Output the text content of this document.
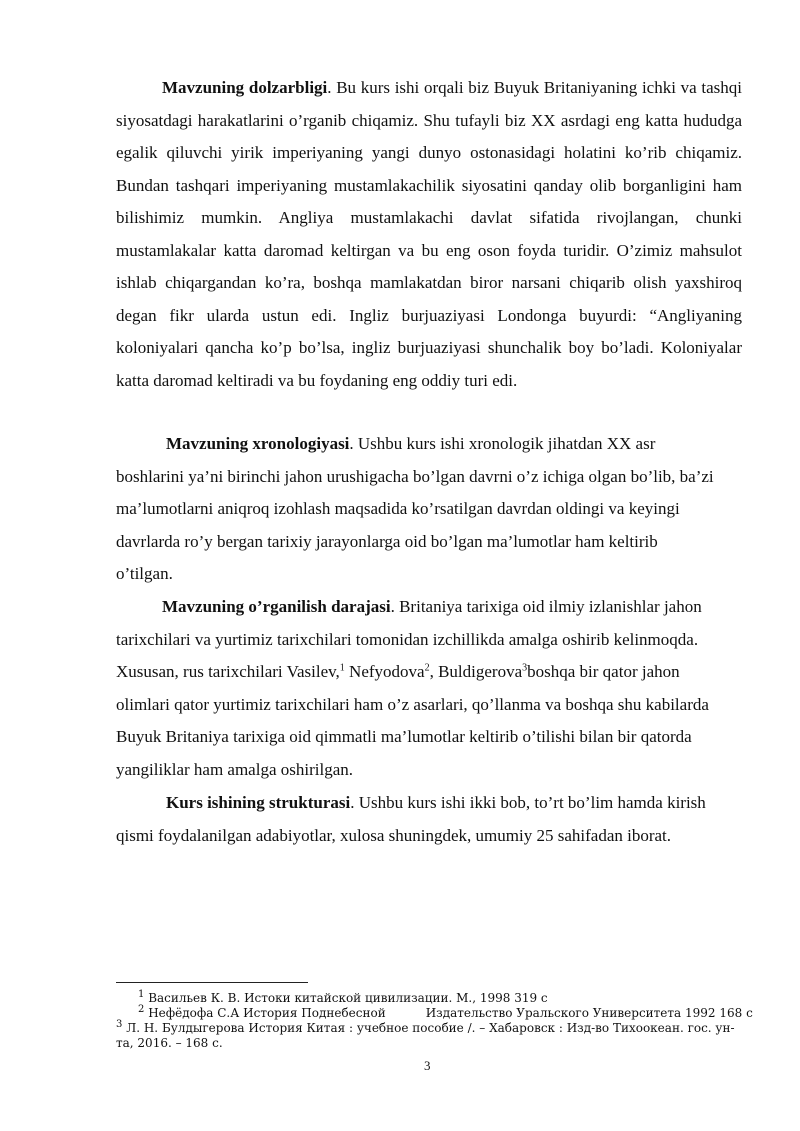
Mavzuning dolzarbligi. Bu kurs ishi orqali biz Buyuk Britaniyaning ichki va tashqi siyosatdagi harakatlarini o’rganib chiqamiz. Shu tufayli biz XX asrdagi eng katta hududga egalik qiluvchi yirik imperiyaning yangi dunyo ostonasidagi holatini ko’rib chiqamiz. Bundan tashqari imperiyaning mustamlakachilik siyosatini qanday olib borganligini ham bilishimiz mumkin. Angliya mustamlakachi davlat sifatida rivojlangan, chunki mustamlakalar katta daromad keltirgan va bu eng oson foyda turidir. O’zimiz mahsulot ishlab chiqargandan ko’ra, boshqa mamlakatdan biror narsani chiqarib olish yaxshiroq degan fikr ularda ustun edi. Ingliz burjuaziyasi Londonga buyurdi: “Angliyaning koloniyalari qancha ko’p bo’lsa, ingliz burjuaziyasi shunchalik boy bo’ladi. Koloniyalar katta daromad keltiradi va bu foydaning eng oddiy turi edi.
Mavzuning xronologiyasi. Ushbu kurs ishi xronologik jihatdan XX asr boshlarini ya’ni birinchi jahon urushigacha bo’lgan davrni o’z ichiga olgan bo’lib, ba’zi ma’lumotlarni aniqroq izohlash maqsadida ko’rsatilgan davrdan oldingi va keyingi davrlarda ro’y bergan tarixiy jarayonlarga oid bo’lgan ma’lumotlar ham keltirib o’tilgan.
Mavzuning o’rganilish darajasi. Britaniya tarixiga oid ilmiy izlanishlar jahon tarixchilari va yurtimiz tarixchilari tomonidan izchillikda amalga oshirib kelinmoqda. Xususan, rus tarixchilari Vasilev,$^1$ Nefyodova$^2$, Buldigerova$^3$boshqa bir qator jahon olimlari qator yurtimiz tarixchilari ham o’z asarlari, qo’llanma va boshqa shu kabilarda Buyuk Britaniya tarixiga oid qimmatli ma’lumotlar keltirib o’tilishi bilan bir qatorda yangiliklar ham amalga oshirilgan.
Kurs ishining strukturasi. Ushbu kurs ishi ikki bob, to’rt bo’lim hamda kirish qismi foydalanilgan adabiyotlar, xulosa shuningdek, umumiy 25 sahifadan iborat.
$^1$ Васильев К. В. Истоки китайской цивилизации. М., 1998 319 с
$^2$ Нефёдофа С.А История Поднебесной	Издательство Уральского Университета 1992 168 с
$^3$ Л. Н. Булдыгерова История Китая : учебное пособие /. – Хабаровск : Изд-во Тихоокеан. гос. ун-та, 2016. – 168 с.
3
